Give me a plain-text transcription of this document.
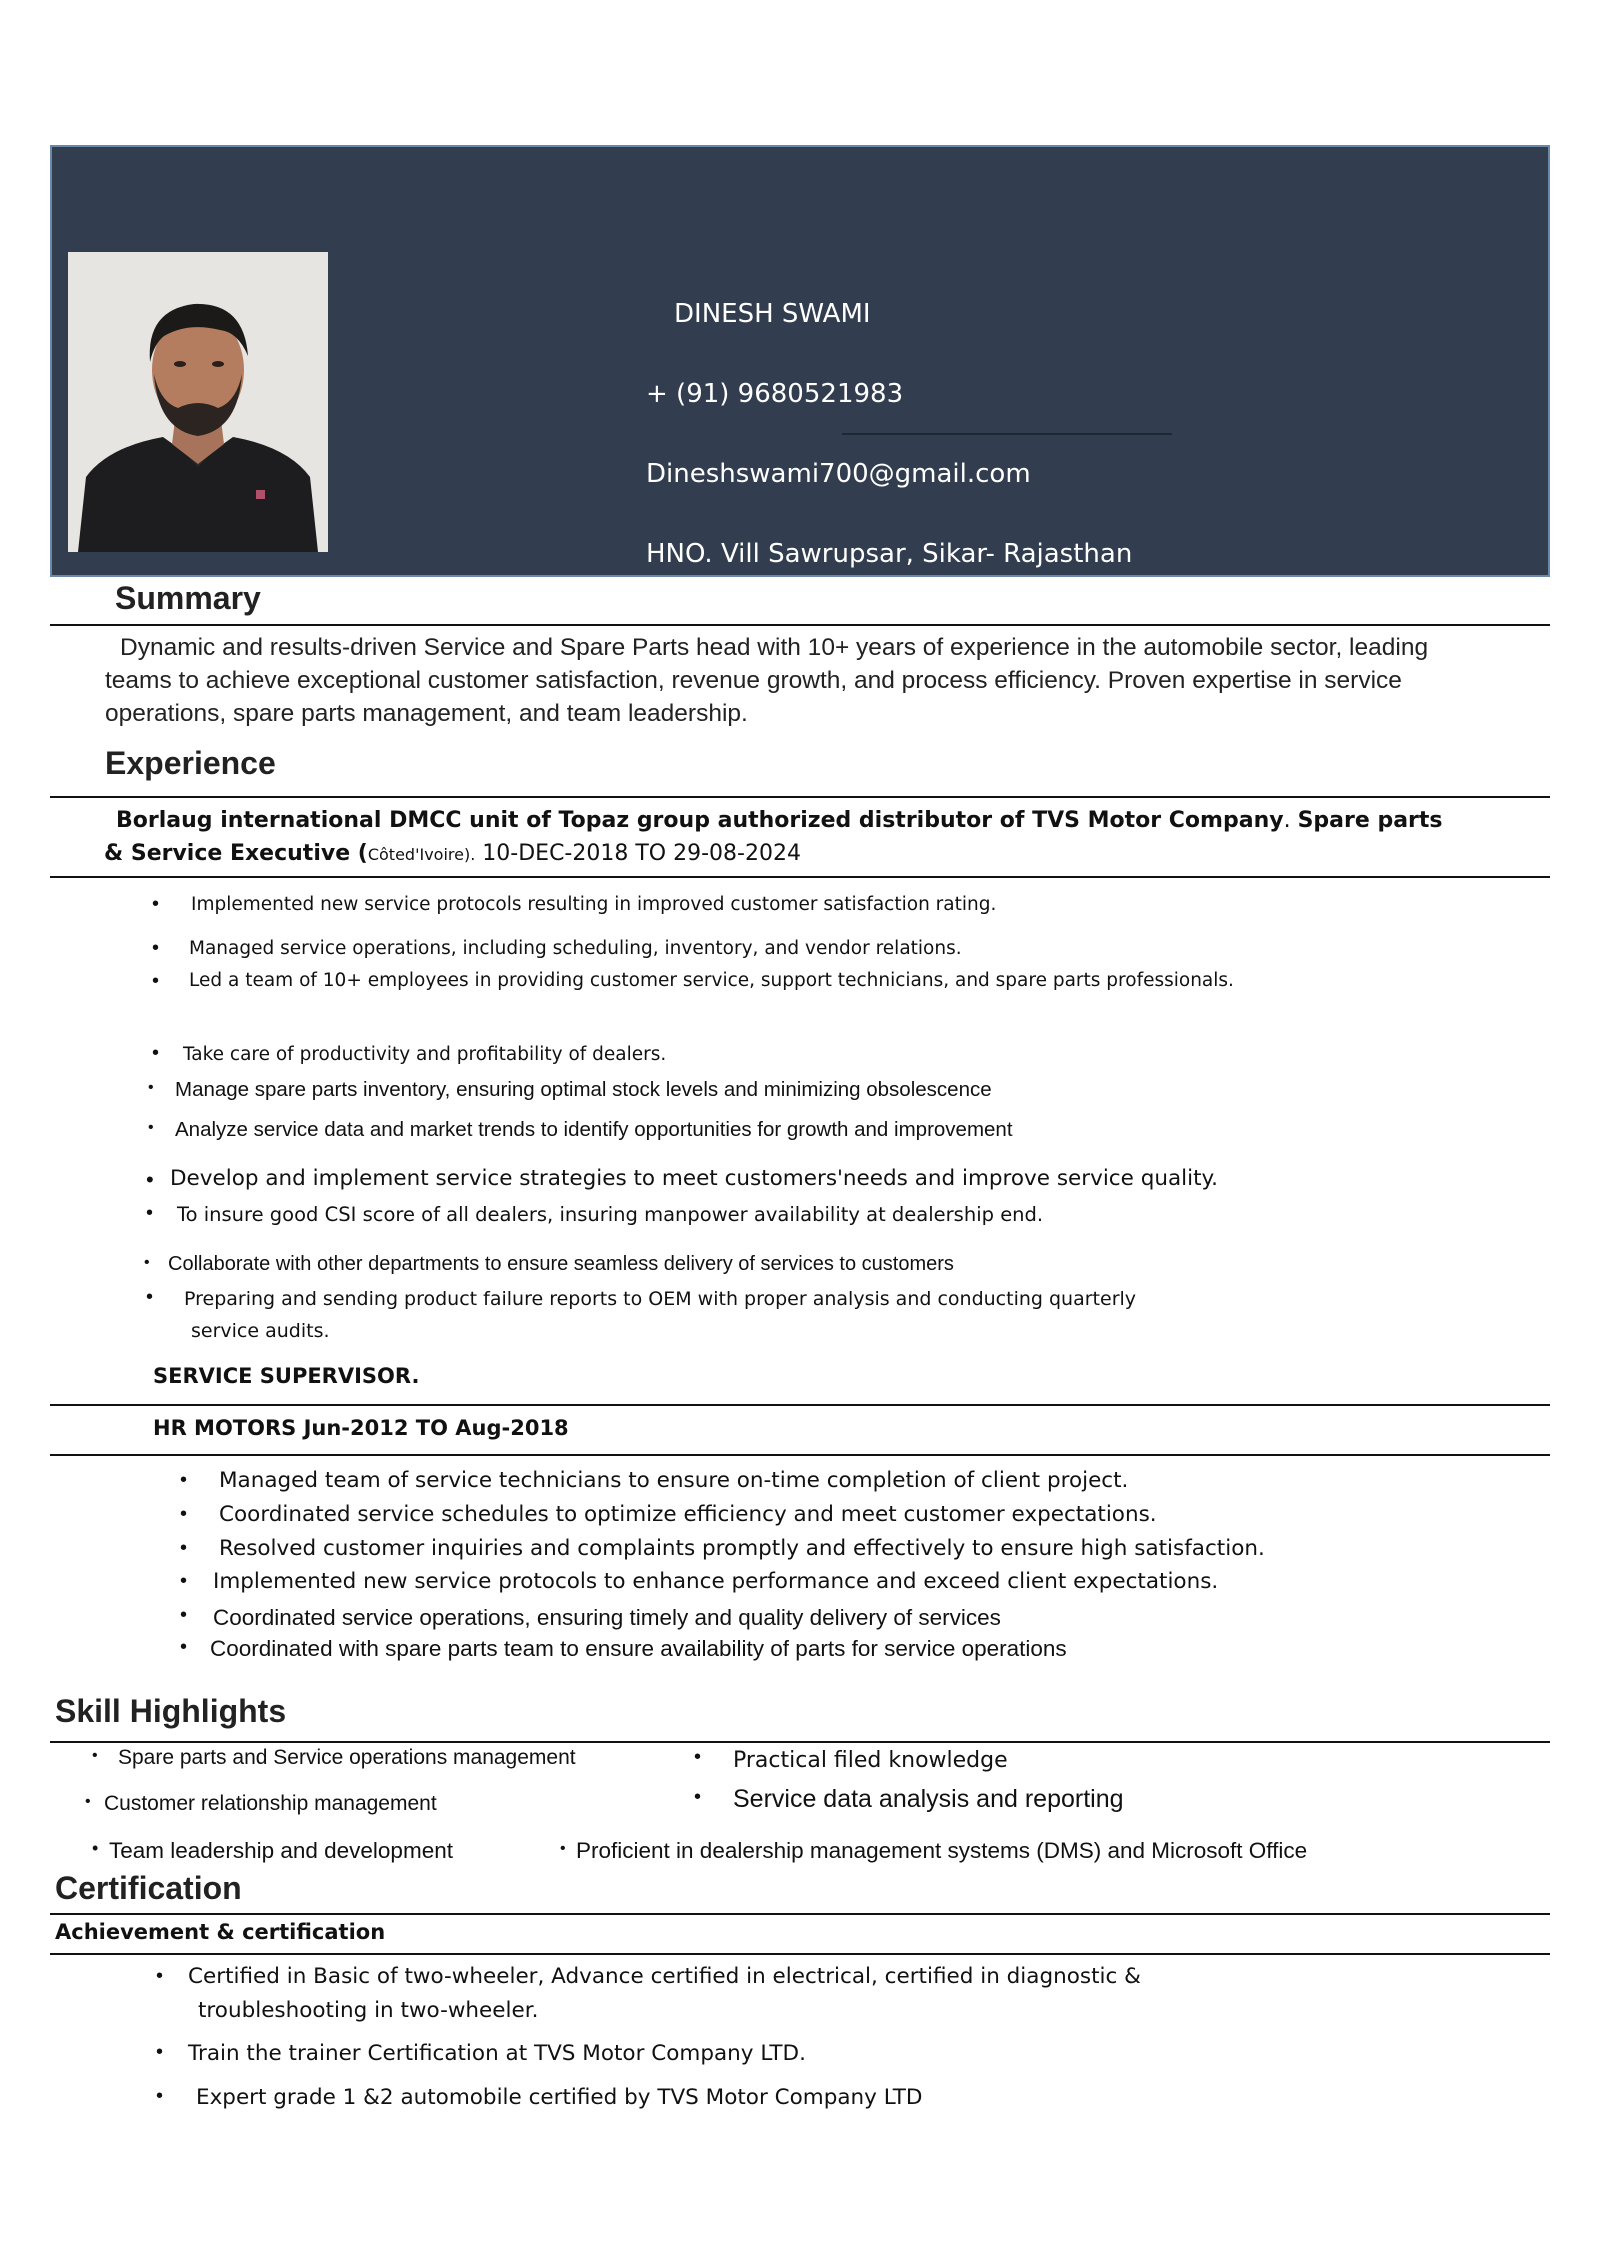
DINESH SWAMI
+ (91) 9680521983
Dineshswami700@gmail.com
HNO. Vill Sawrupsar, Sikar- Rajasthan
Summary
Dynamic and results-driven Service and Spare Parts head with 10+ years of experience in the automobile sector, leading
teams to achieve exceptional customer satisfaction, revenue growth, and process efficiency. Proven expertise in service
operations, spare parts management, and team leadership.
Experience
Borlaug international DMCC unit of Topaz group authorized distributor of TVS Motor Company. Spare parts
& Service Executive (Côted'Ivoire). 10-DEC-2018 TO 29-08-2024
• Implemented new service protocols resulting in improved customer satisfaction rating.
• Managed service operations, including scheduling, inventory, and vendor relations.
• Led a team of 10+ employees in providing customer service, support technicians, and spare parts professionals.
• Take care of productivity and profitability of dealers.
• Manage spare parts inventory, ensuring optimal stock levels and minimizing obsolescence
• Analyze service data and market trends to identify opportunities for growth and improvement
• Develop and implement service strategies to meet customers'needs and improve service quality.
• To insure good CSI score of all dealers, insuring manpower availability at dealership end.
• Collaborate with other departments to ensure seamless delivery of services to customers
• Preparing and sending product failure reports to OEM with proper analysis and conducting quarterly
service audits.
SERVICE SUPERVISOR.
HR MOTORS Jun-2012 TO Aug-2018
• Managed team of service technicians to ensure on-time completion of client project.
• Coordinated service schedules to optimize efficiency and meet customer expectations.
• Resolved customer inquiries and complaints promptly and effectively to ensure high satisfaction.
• Implemented new service protocols to enhance performance and exceed client expectations.
• Coordinated service operations, ensuring timely and quality delivery of services
• Coordinated with spare parts team to ensure availability of parts for service operations
Skill Highlights
• Spare parts and Service operations management	• Practical filed knowledge
• Customer relationship management	• Service data analysis and reporting
• Team leadership and development	• Proficient in dealership management systems (DMS) and Microsoft Office
Certification
Achievement & certification
• Certified in Basic of two-wheeler, Advance certified in electrical, certified in diagnostic &
troubleshooting in two-wheeler.
• Train the trainer Certification at TVS Motor Company LTD.
• Expert grade 1 &2 automobile certified by TVS Motor Company LTD
